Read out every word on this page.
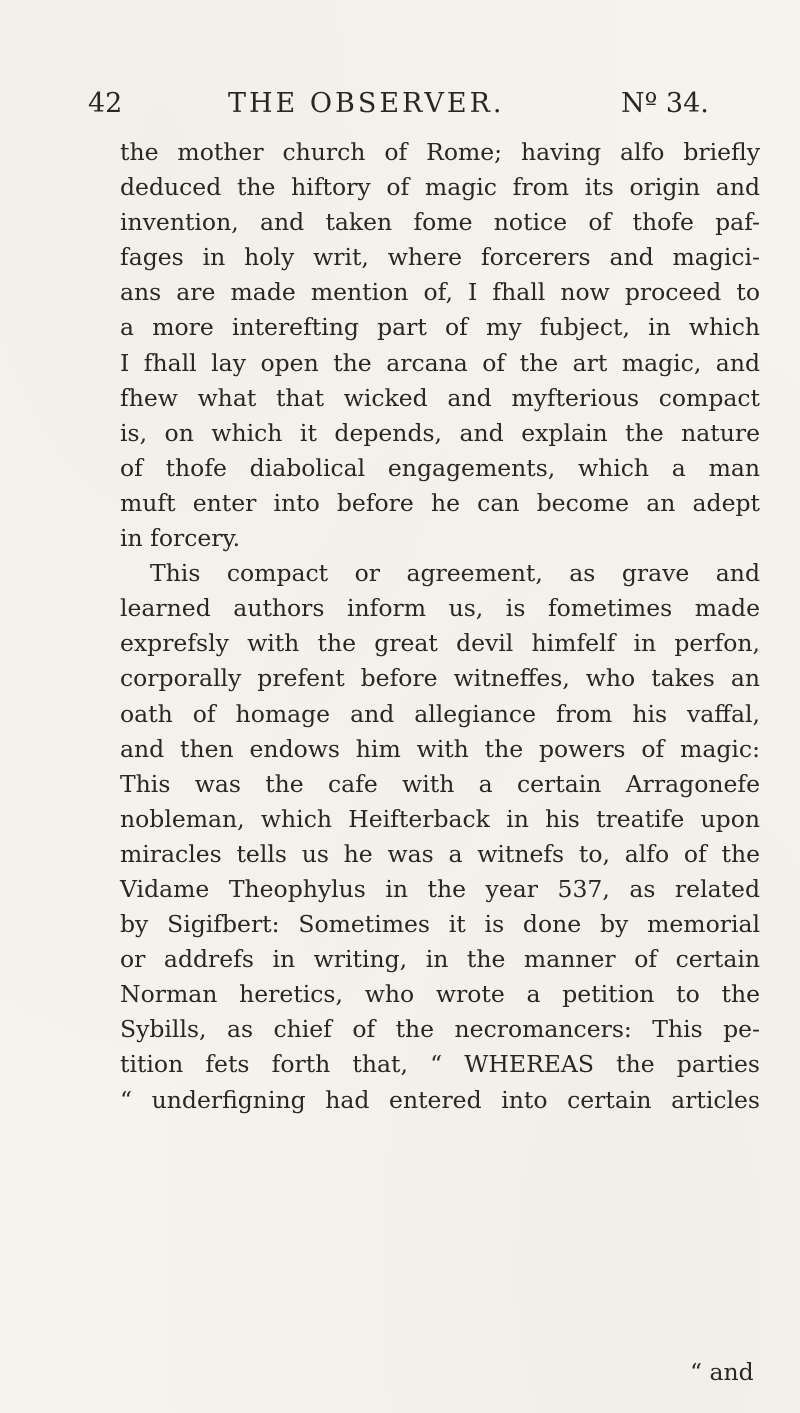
42	THE OBSERVER.	Nº 34.
the mother church of Rome; having alfo briefly
deduced the hiftory of magic from its origin and
invention, and taken fome notice of thofe paf-
fages in holy writ, where forcerers and magici-
ans are made mention of, I fhall now proceed to
a more interefting part of my fubject, in which
I fhall lay open the arcana of the art magic, and
fhew what that wicked and myfterious compact
is, on which it depends, and explain the nature
of thofe diabolical engagements, which a man
muft enter into before he can become an adept
in forcery.
This compact or agreement, as grave and
learned authors inform us, is fometimes made
exprefsly with the great devil himfelf in perfon,
corporally prefent before witneffes, who takes an
oath of homage and allegiance from his vaffal,
and then endows him with the powers of magic:
This was the cafe with a certain Arragonefe
nobleman, which Heifterback in his treatife upon
miracles tells us he was a witnefs to, alfo of the
Vidame Theophylus in the year 537, as related
by Sigifbert: Sometimes it is done by memorial
or addrefs in writing, in the manner of certain
Norman heretics, who wrote a petition to the
Sybills, as chief of the necromancers: This pe-
tition fets forth that, “ WHEREAS the parties
“ underfigning had entered into certain articles
“ and
